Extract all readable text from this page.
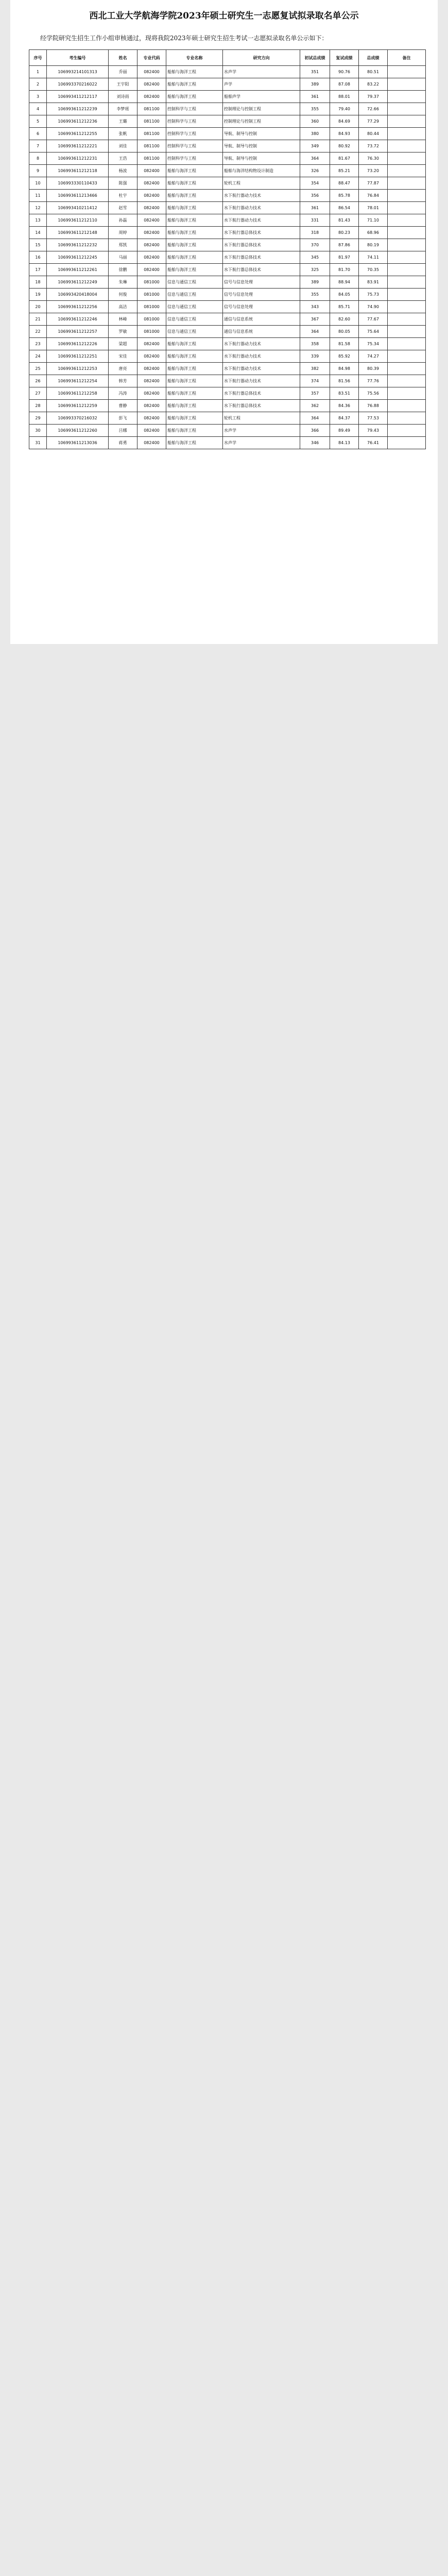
西北工业大学航海学院2023年硕士研究生一志愿复试拟录取名单公示
经学院研究生招生工作小组审核通过，现将我院2023年硕士研究生招生考试一志愿拟录取名单公示如下：
序号	考生编号	姓名	专业代码	专业名称	研究方向	初试总成绩	复试成绩	总成绩	备注
1	106993214101313	乔丽	082400	船舶与海洋工程	水声学	351	90.76	80.51	
2	106993370216022	王宇阳	082400	船舶与海洋工程	声学	389	87.08	83.22	
3	106993411212117	刘诗雨	082400	船舶与海洋工程	船舶声学	361	88.01	79.37	
4	106993611212239	李梦瑶	081100	控制科学与工程	控制理论与控制工程	355	79.40	72.66	
5	106993611212236	王璐	081100	控制科学与工程	控制理论与控制工程	360	84.69	77.29	
6	106993611212255	张帆	081100	控制科学与工程	导航、制导与控制	380	84.93	80.44	
7	106993611212221	刘佳	081100	控制科学与工程	导航、制导与控制	349	80.92	73.72	
8	106993611212231	王浩	081100	控制科学与工程	导航、制导与控制	364	81.67	76.30	
9	106993611212118	杨波	082400	船舶与海洋工程	船舶与海洋结构物设计制造	326	85.21	73.20	
10	106993330110433	陈强	082400	船舶与海洋工程	轮机工程	354	88.47	77.87	
11	106993611213466	杜宇	082400	船舶与海洋工程	水下航行器动力技术	356	85.78	76.84	
12	106993410211412	赵雪	082400	船舶与海洋工程	水下航行器动力技术	361	86.54	78.01	
13	106993611212110	孙磊	082400	船舶与海洋工程	水下航行器动力技术	331	81.43	71.10	
14	106993611212148	周婷	082400	船舶与海洋工程	水下航行器总体技术	318	80.23	68.96	
15	106993611212232	郑凯	082400	船舶与海洋工程	水下航行器总体技术	370	87.86	80.19	
16	106993611212245	马丽	082400	船舶与海洋工程	水下航行器总体技术	345	81.97	74.11	
17	106993611212261	徐鹏	082400	船舶与海洋工程	水下航行器总体技术	325	81.70	70.35	
18	106993611212249	朱琳	081000	信息与通信工程	信号与信息处理	389	88.94	83.91	
19	106993420418004	何俊	081000	信息与通信工程	信号与信息处理	355	84.05	75.73	
20	106993611212256	高洁	081000	信息与通信工程	信号与信息处理	343	85.71	74.90	
21	106993611212246	林峰	081000	信息与通信工程	通信与信息系统	367	82.60	77.67	
22	106993611212257	罗敏	081000	信息与通信工程	通信与信息系统	364	80.05	75.64	
23	106993611212226	梁超	082400	船舶与海洋工程	水下航行器动力技术	358	81.58	75.34	
24	106993611212251	宋佳	082400	船舶与海洋工程	水下航行器动力技术	339	85.92	74.27	
25	106993611212253	唐亮	082400	船舶与海洋工程	水下航行器动力技术	382	84.98	80.39	
26	106993611212254	韩芳	082400	船舶与海洋工程	水下航行器动力技术	374	81.56	77.76	
27	106993611212258	冯涛	082400	船舶与海洋工程	水下航行器总体技术	357	83.51	75.56	
28	106993611212259	曹静	082400	船舶与海洋工程	水下航行器总体技术	362	84.36	76.88	
29	106993370216032	彭飞	082400	船舶与海洋工程	轮机工程	364	84.37	77.53	
30	106993611212260	吕娜	082400	船舶与海洋工程	水声学	366	89.49	79.43	
31	106993611213036	蒋勇	082400	船舶与海洋工程	水声学	346	84.13	76.41	
